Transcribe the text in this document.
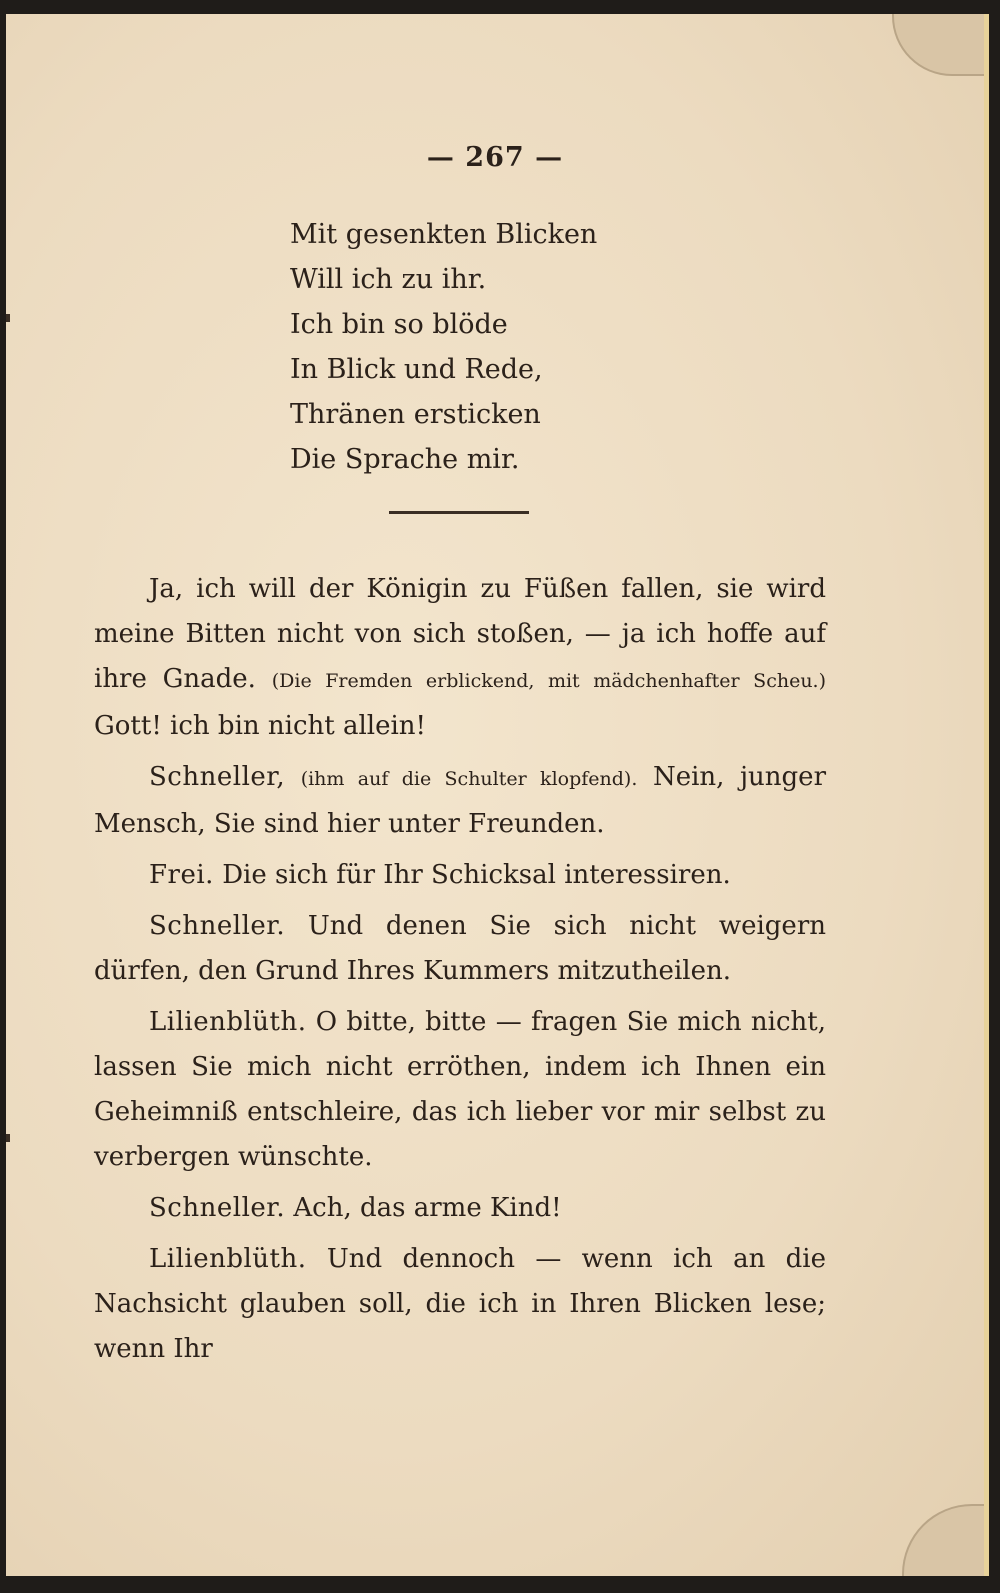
— 267 —
Mit gesenkten Blicken
Will ich zu ihr.
Ich bin so blöde
In Blick und Rede,
Thränen ersticken
Die Sprache mir.

Ja, ich will der Königin zu Füßen fallen, sie wird meine Bitten nicht von sich stoßen, — ja ich hoffe auf ihre Gnade. (Die Fremden erblickend, mit mädchenhafter Scheu.) Gott! ich bin nicht allein!

Schneller, (ihm auf die Schulter klopfend). Nein, junger Mensch, Sie sind hier unter Freunden.

Frei. Die sich für Ihr Schicksal interessiren.

Schneller. Und denen Sie sich nicht weigern dürfen, den Grund Ihres Kummers mitzutheilen.

Lilienblüth. O bitte, bitte — fragen Sie mich nicht, lassen Sie mich nicht erröthen, indem ich Ihnen ein Geheimniß entschleire, das ich lieber vor mir selbst zu verbergen wünschte.

Schneller. Ach, das arme Kind!

Lilienblüth. Und dennoch — wenn ich an die Nachsicht glauben soll, die ich in Ihren Blicken lese; wenn Ihr
